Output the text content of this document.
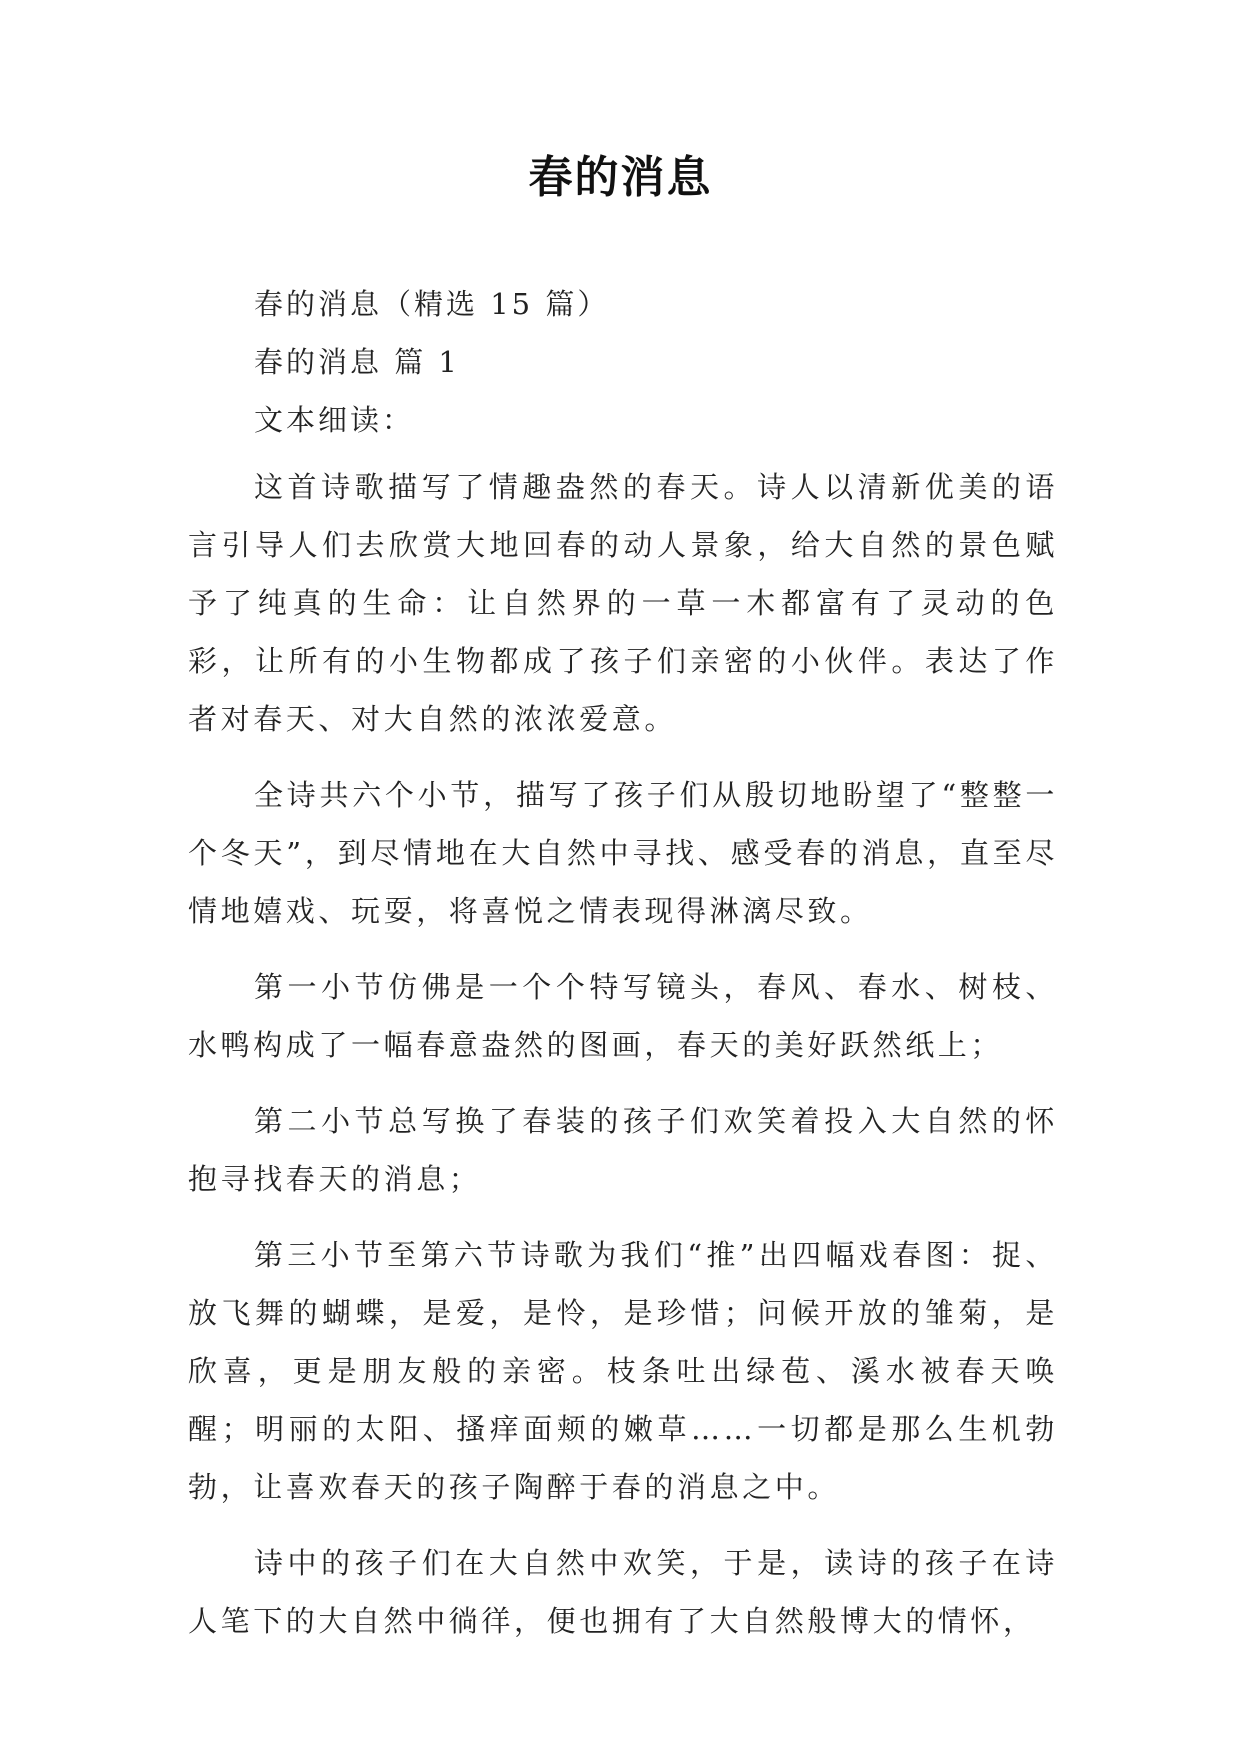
春的消息

春的消息（精选 15 篇）

春的消息 篇 1

文本细读：

这首诗歌描写了情趣盎然的春天。诗人以清新优美的语言引导人们去欣赏大地回春的动人景象，给大自然的景色赋予了纯真的生命：让自然界的一草一木都富有了灵动的色彩，让所有的小生物都成了孩子们亲密的小伙伴。表达了作者对春天、对大自然的浓浓爱意。

全诗共六个小节，描写了孩子们从殷切地盼望了“整整一个冬天”，到尽情地在大自然中寻找、感受春的消息，直至尽情地嬉戏、玩耍，将喜悦之情表现得淋漓尽致。

第一小节仿佛是一个个特写镜头，春风、春水、树枝、水鸭构成了一幅春意盎然的图画，春天的美好跃然纸上；

第二小节总写换了春装的孩子们欢笑着投入大自然的怀抱寻找春天的消息；

第三小节至第六节诗歌为我们“推”出四幅戏春图：捉、放飞舞的蝴蝶，是爱，是怜，是珍惜；问候开放的雏菊，是欣喜，更是朋友般的亲密。枝条吐出绿苞、溪水被春天唤醒；明丽的太阳、搔痒面颊的嫩草……一切都是那么生机勃勃，让喜欢春天的孩子陶醉于春的消息之中。

诗中的孩子们在大自然中欢笑，于是，读诗的孩子在诗人笔下的大自然中徜徉，便也拥有了大自然般博大的情怀，
